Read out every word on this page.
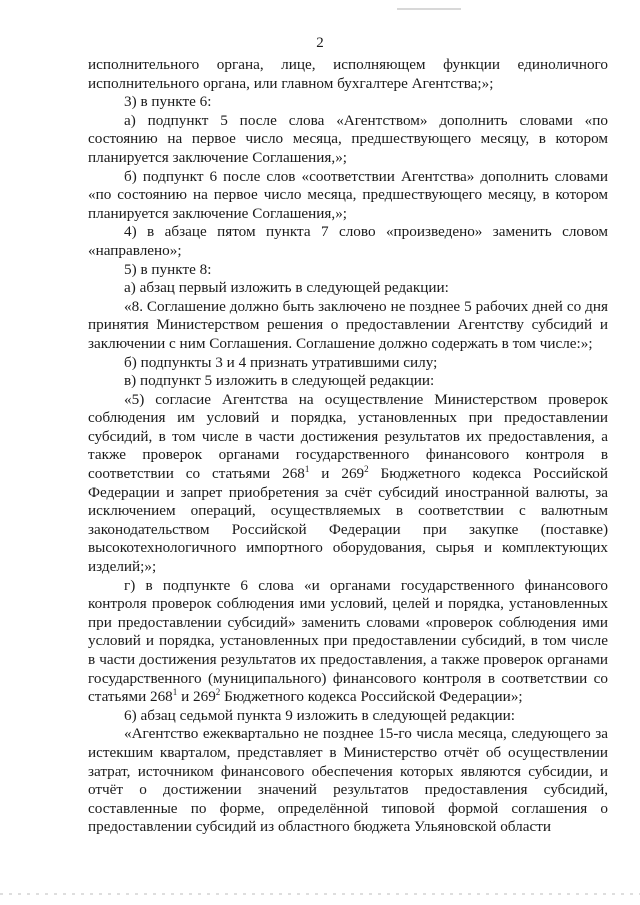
2

исполнительного органа, лице, исполняющем функции единоличного исполнительного органа, или главном бухгалтере Агентства;»;

3) в пункте 6:

а) подпункт 5 после слова «Агентством» дополнить словами «по состоянию на первое число месяца, предшествующего месяцу, в котором планируется заключение Соглашения,»;

б) подпункт 6 после слов «соответствии Агентства» дополнить словами «по состоянию на первое число месяца, предшествующего месяцу, в котором планируется заключение Соглашения,»;

4) в абзаце пятом пункта 7 слово «произведено» заменить словом «направлено»;

5) в пункте 8:

а) абзац первый изложить в следующей редакции:

«8. Соглашение должно быть заключено не позднее 5 рабочих дней со дня принятия Министерством решения о предоставлении Агентству субсидий и заключении с ним Соглашения. Соглашение должно содержать в том числе:»;

б) подпункты 3 и 4 признать утратившими силу;

в) подпункт 5 изложить в следующей редакции:

«5) согласие Агентства на осуществление Министерством проверок соблюдения им условий и порядка, установленных при предоставлении субсидий, в том числе в части достижения результатов их предоставления, а также проверок органами государственного финансового контроля в соответствии со статьями $268^1$ и $269^2$ Бюджетного кодекса Российской Федерации и запрет приобретения за счёт субсидий иностранной валюты, за исключением операций, осуществляемых в соответствии с валютным законодательством Российской Федерации при закупке (поставке) высокотехнологичного импортного оборудования, сырья и комплектующих изделий;»;

г) в подпункте 6 слова «и органами государственного финансового контроля проверок соблюдения ими условий, целей и порядка, установленных при предоставлении субсидий» заменить словами «проверок соблюдения ими условий и порядка, установленных при предоставлении субсидий, в том числе в части достижения результатов их предоставления, а также проверок органами государственного (муниципального) финансового контроля в соответствии со статьями $268^1$ и $269^2$ Бюджетного кодекса Российской Федерации»;

6) абзац седьмой пункта 9 изложить в следующей редакции:

«Агентство ежеквартально не позднее 15-го числа месяца, следующего за истекшим кварталом, представляет в Министерство отчёт об осуществлении затрат, источником финансового обеспечения которых являются субсидии, и отчёт о достижении значений результатов предоставления субсидий, составленные по форме, определённой типовой формой соглашения о предоставлении субсидий из областного бюджета Ульяновской области
